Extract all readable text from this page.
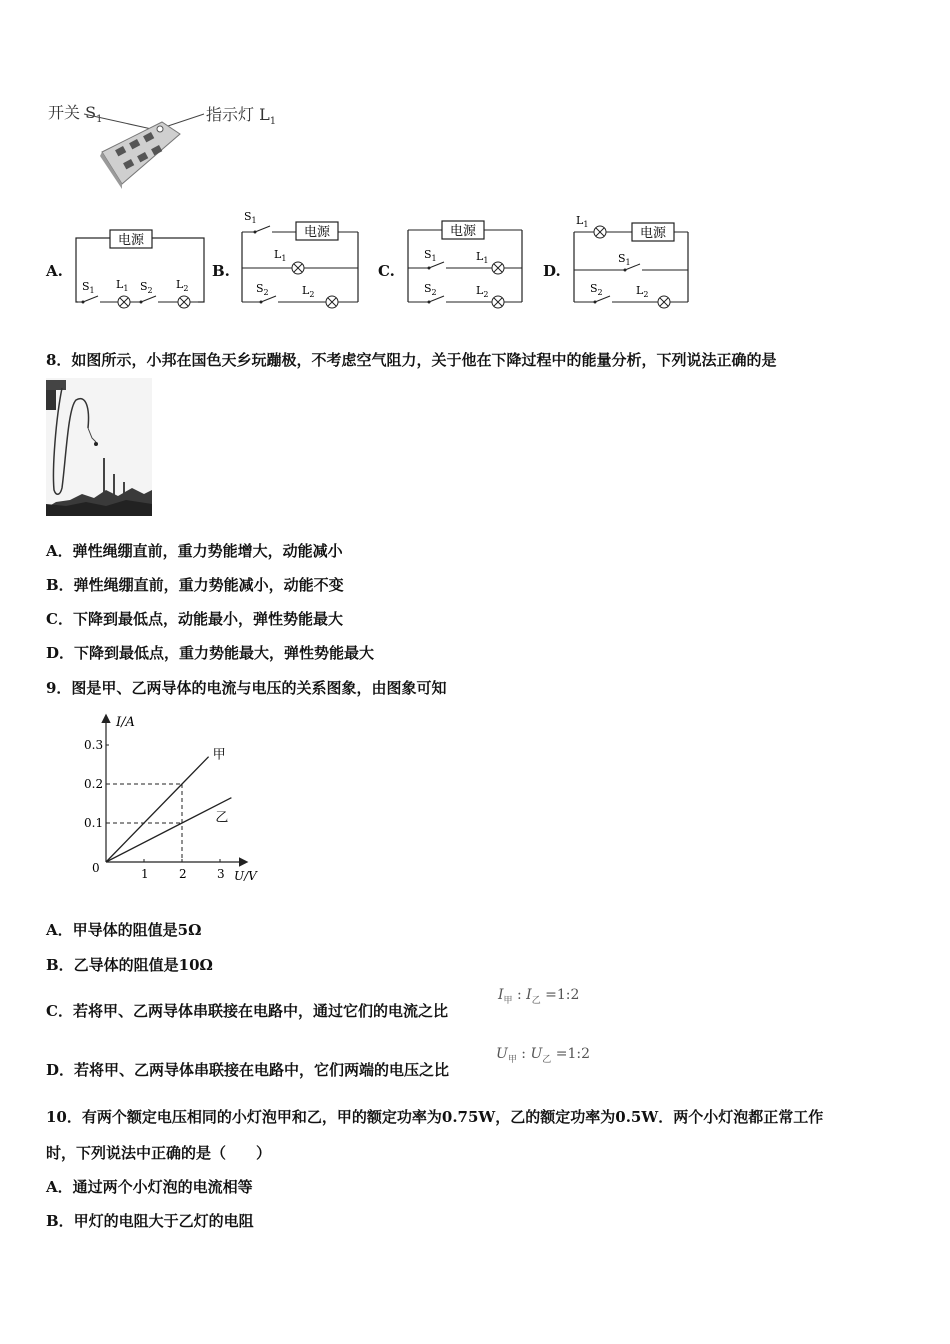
开关 $S_1$	指示灯 $L_1$
A.
电源
$S_1$ $L_1$ $S_2$ $L_2$
B.
$S_1$
电源
$L_1$
$S_2$	$L_2$
C.
电源
$S_1$	$L_1$
$S_2$	$L_2$
D.
$L_1$
电源
$S_1$
$S_2$	$L_2$
8．如图所示，小邦在国色天乡玩蹦极，不考虑空气阻力，关于他在下降过程中的能量分析，下列说法正确的是
A．弹性绳绷直前，重力势能增大，动能减小
B．弹性绳绷直前，重力势能减小，动能不变
C．下降到最低点，动能最小，弹性势能最大
D．下降到最低点，重力势能最大，弹性势能最大
9．图是甲、乙两导体的电流与电压的关系图象，由图象可知
I/A
U/V
0	1	2	3
0.1
0.2
0.3
甲
乙
A．甲导体的阻值是5Ω
B．乙导体的阻值是10Ω
C．若将甲、乙两导体串联接在电路中，通过它们的电流之比
$I_甲$ : $I_乙$ =1:2
D．若将甲、乙两导体串联接在电路中，它们两端的电压之比
$U_甲$ : $U_乙$ =1:2
10．有两个额定电压相同的小灯泡甲和乙，甲的额定功率为0.75W，乙的额定功率为0.5W．两个小灯泡都正常工作
时，下列说法中正确的是（　　）
A．通过两个小灯泡的电流相等
B．甲灯的电阻大于乙灯的电阻
